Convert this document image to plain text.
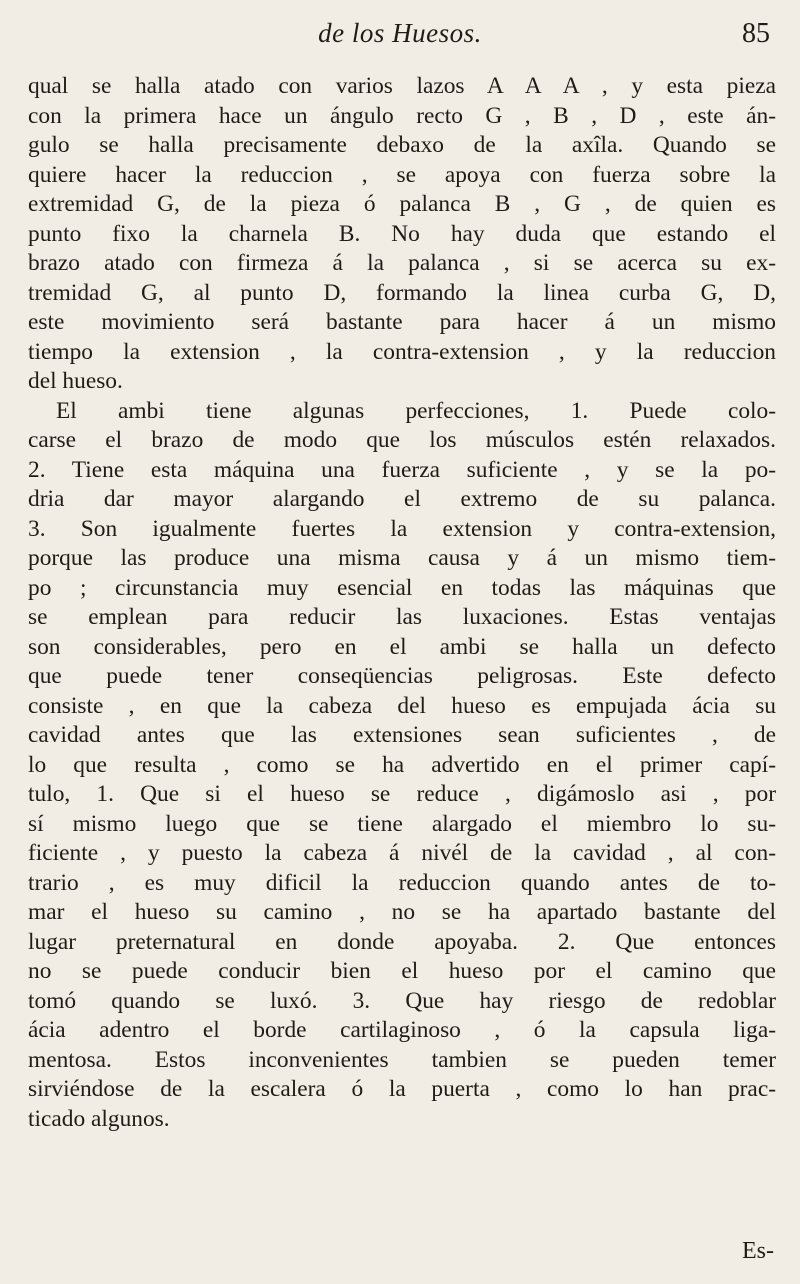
de los Huesos.	85
qual se halla atado con varios lazos A A A , y esta pieza
con la primera hace un ángulo recto G , B , D , este án-
gulo se halla precisamente debaxo de la axîla. Quando se
quiere hacer la reduccion , se apoya con fuerza sobre la
extremidad G, de la pieza ó palanca B , G , de quien es
punto fixo la charnela B. No hay duda que estando el
brazo atado con firmeza á la palanca , si se acerca su ex-
tremidad G, al punto D, formando la linea curba G, D,
este movimiento será bastante para hacer á un mismo
tiempo la extension , la contra-extension , y la reduccion
del hueso.
El ambi tiene algunas perfecciones, 1. Puede colo-
carse el brazo de modo que los músculos estén relaxados.
2. Tiene esta máquina una fuerza suficiente , y se la po-
dria dar mayor alargando el extremo de su palanca.
3. Son igualmente fuertes la extension y contra-extension,
porque las produce una misma causa y á un mismo tiem-
po ; circunstancia muy esencial en todas las máquinas que
se emplean para reducir las luxaciones. Estas ventajas
son considerables, pero en el ambi se halla un defecto
que puede tener conseqüencias peligrosas. Este defecto
consiste , en que la cabeza del hueso es empujada ácia su
cavidad antes que las extensiones sean suficientes , de
lo que resulta , como se ha advertido en el primer capí-
tulo, 1. Que si el hueso se reduce , digámoslo asi , por
sí mismo luego que se tiene alargado el miembro lo su-
ficiente , y puesto la cabeza á nivél de la cavidad , al con-
trario , es muy dificil la reduccion quando antes de to-
mar el hueso su camino , no se ha apartado bastante del
lugar preternatural en donde apoyaba. 2. Que entonces
no se puede conducir bien el hueso por el camino que
tomó quando se luxó. 3. Que hay riesgo de redoblar
ácia adentro el borde cartilaginoso , ó la capsula liga-
mentosa. Estos inconvenientes tambien se pueden temer
sirviéndose de la escalera ó la puerta , como lo han prac-
ticado algunos.
Es-
